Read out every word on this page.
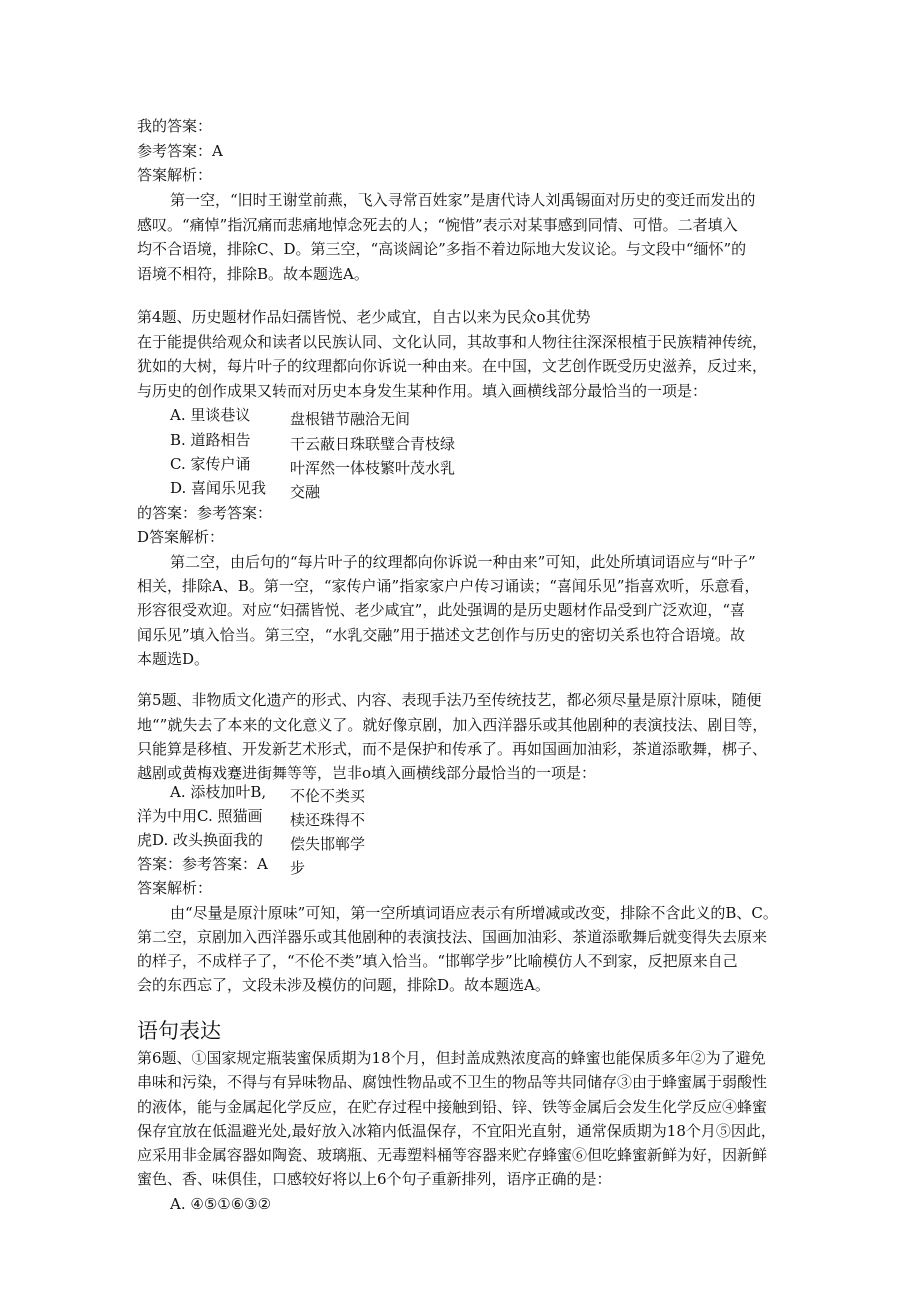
我的答案：
参考答案：A
答案解析：
第一空，“旧时王谢堂前燕，飞入寻常百姓家”是唐代诗人刘禹锡面对历史的变迁而发出的
感叹。“痛悼”指沉痛而悲痛地悼念死去的人；“惋惜”表示对某事感到同情、可惜。二者填入
均不合语境，排除C、D。第三空，“高谈阔论”多指不着边际地大发议论。与文段中“缅怀”的
语境不相符，排除B。故本题选A。
第4题、历史题材作品妇孺皆悦、老少咸宜，自古以来为民众o其优势
在于能提供给观众和读者以民族认同、文化认同，其故事和人物往往深深根植于民族精神传统，
犹如的大树，每片叶子的纹理都向你诉说一种由来。在中国，文艺创作既受历史滋养，反过来，
与历史的创作成果又转而对历史本身发生某种作用。填入画横线部分最恰当的一项是：
A. 里谈巷议
B. 道路相告
C. 家传户诵
D. 喜闻乐见我
盘根错节融洽无间
干云蔽日珠联璧合青枝绿
叶浑然一体枝繁叶茂水乳
交融
的答案：参考答案：
D答案解析：
第二空，由后句的“每片叶子的纹理都向你诉说一种由来”可知，此处所填词语应与“叶子”
相关，排除A、B。第一空，“家传户诵”指家家户户传习诵读；“喜闻乐见”指喜欢听，乐意看，
形容很受欢迎。对应“妇孺皆悦、老少咸宜”，此处强调的是历史题材作品受到广泛欢迎，“喜
闻乐见”填入恰当。第三空，“水乳交融”用于描述文艺创作与历史的密切关系也符合语境。故
本题选D。
第5题、非物质文化遗产的形式、内容、表现手法乃至传统技艺，都必须尽量是原汁原味，随便
地“”就失去了本来的文化意义了。就好像京剧，加入西洋器乐或其他剧种的表演技法、剧目等，
只能算是移植、开发新艺术形式，而不是保护和传承了。再如国画加油彩，茶道添歌舞，梆子、
越剧或黄梅戏蹇进街舞等等，岂非o填入画横线部分最恰当的一项是：
A. 添枝加叶B,
洋为中用C. 照猫画
虎D. 改头换面我的
答案：参考答案：A
不伦不类买
椟还珠得不
偿失邯郸学
步
答案解析：
由“尽量是原汁原味”可知，第一空所填词语应表示有所增减或改变，排除不含此义的B、C。
第二空，京剧加入西洋器乐或其他剧种的表演技法、国画加油彩、茶道添歌舞后就变得失去原来
的样子，不成样子了，“不伦不类”填入恰当。“邯郸学步”比喻模仿人不到家，反把原来自己
会的东西忘了，文段未涉及模仿的问题，排除D。故本题选A。
语句表达
第6题、①国家规定瓶装蜜保质期为18个月，但封盖成熟浓度高的蜂蜜也能保质多年②为了避免
串味和污染，不得与有异味物品、腐蚀性物品或不卫生的物品等共同储存③由于蜂蜜属于弱酸性
的液体，能与金属起化学反应，在贮存过程中接触到铅、锌、铁等金属后会发生化学反应④蜂蜜
保存宜放在低温避光处,最好放入冰箱内低温保存，不宜阳光直射，通常保质期为18个月⑤因此，
应采用非金属容器如陶瓷、玻璃瓶、无毒塑料桶等容器来贮存蜂蜜⑥但吃蜂蜜新鲜为好，因新鲜
蜜色、香、味俱佳，口感较好将以上6个句子重新排列，语序正确的是：
A. ④⑤①⑥③②
